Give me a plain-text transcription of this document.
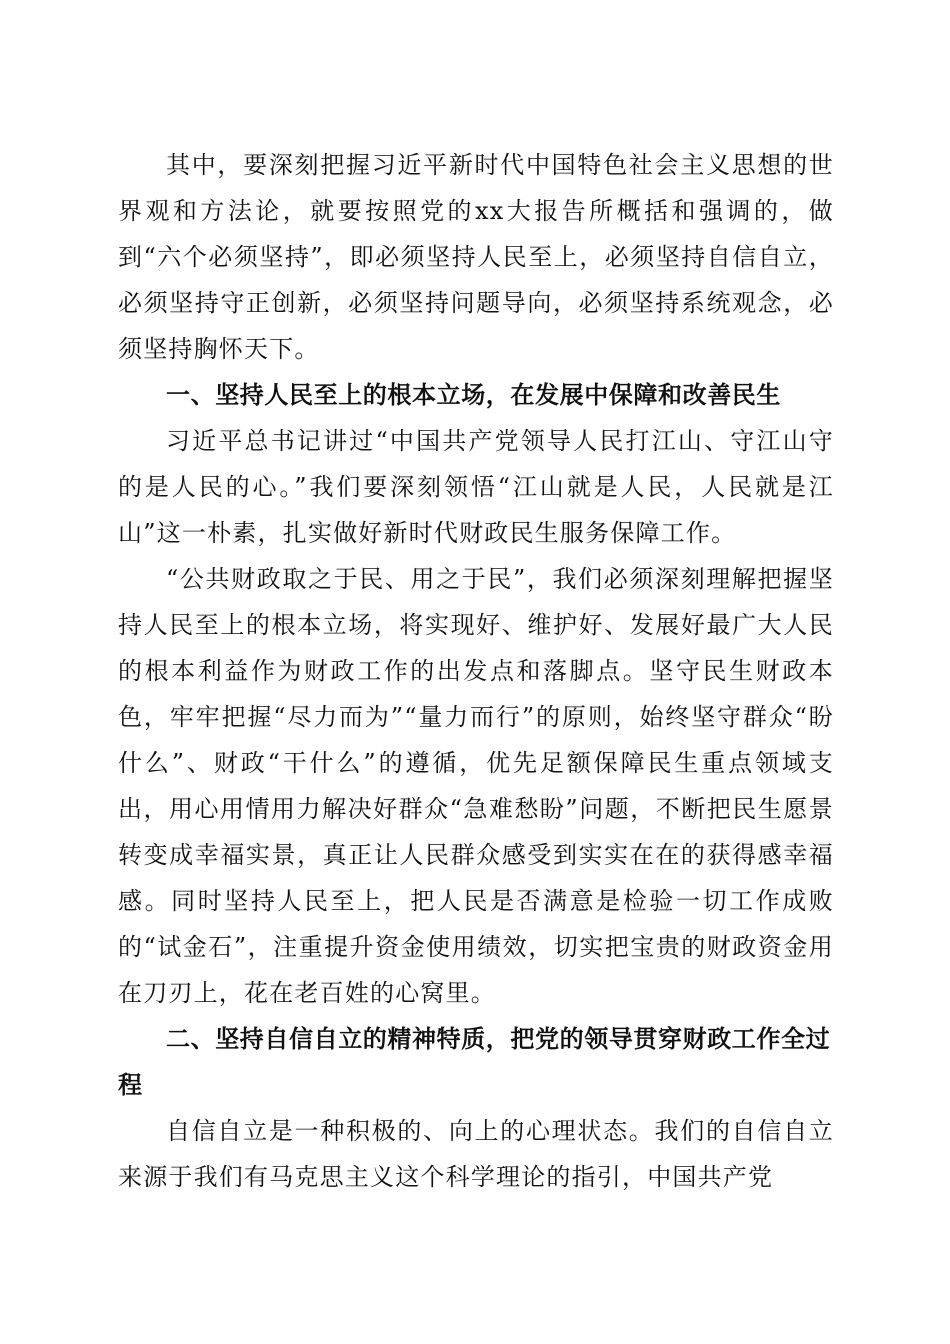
其中，要深刻把握习近平新时代中国特色社会主义思想的世界观和方法论，就要按照党的xx大报告所概括和强调的，做到“六个必须坚持”，即必须坚持人民至上，必须坚持自信自立，必须坚持守正创新，必须坚持问题导向，必须坚持系统观念，必须坚持胸怀天下。

一、坚持人民至上的根本立场，在发展中保障和改善民生

习近平总书记讲过“中国共产党领导人民打江山、守江山守的是人民的心。”我们要深刻领悟“江山就是人民，人民就是江山”这一朴素，扎实做好新时代财政民生服务保障工作。

“公共财政取之于民、用之于民”，我们必须深刻理解把握坚持人民至上的根本立场，将实现好、维护好、发展好最广大人民的根本利益作为财政工作的出发点和落脚点。坚守民生财政本色，牢牢把握“尽力而为”“量力而行”的原则，始终坚守群众“盼什么”、财政“干什么”的遵循，优先足额保障民生重点领域支出，用心用情用力解决好群众“急难愁盼”问题，不断把民生愿景转变成幸福实景，真正让人民群众感受到实实在在的获得感幸福感。同时坚持人民至上，把人民是否满意是检验一切工作成败的“试金石”，注重提升资金使用绩效，切实把宝贵的财政资金用在刀刃上，花在老百姓的心窝里。

二、坚持自信自立的精神特质，把党的领导贯穿财政工作全过程

自信自立是一种积极的、向上的心理状态。我们的自信自立来源于我们有马克思主义这个科学理论的指引，中国共产党
